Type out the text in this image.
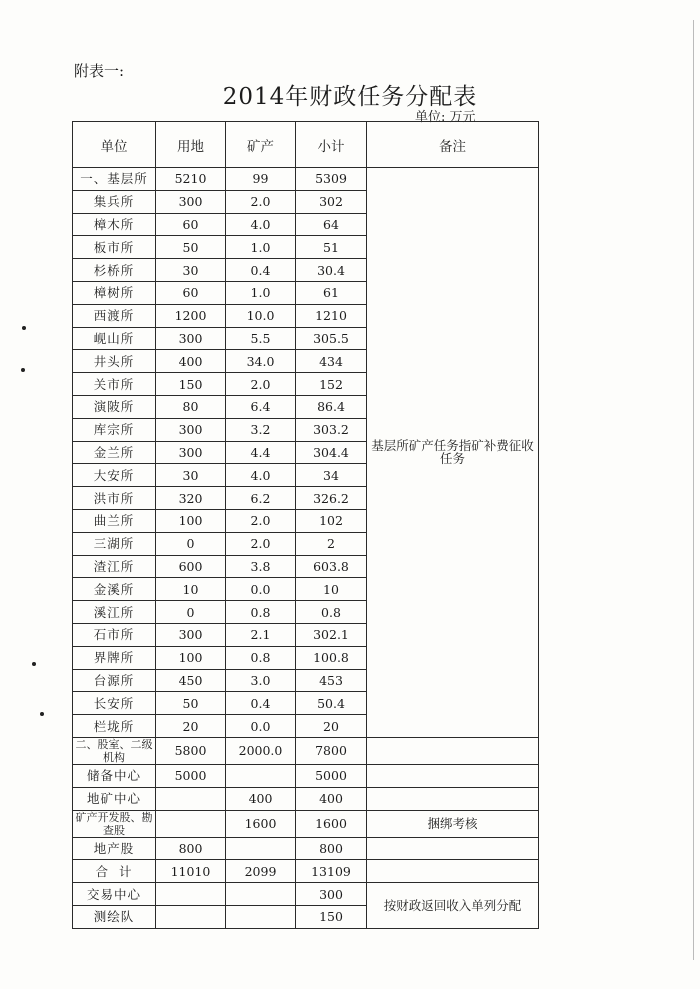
附表一:
2014年财政任务分配表
单位: 万元
单位	用地	矿产	小计	备注
一、基层所	5210	99	5309	基层所矿产任务指矿补费征收任务
集兵所	300	2.0	302	
樟木所	60	4.0	64	
板市所	50	1.0	51	
杉桥所	30	0.4	30.4	
樟树所	60	1.0	61	
西渡所	1200	10.0	1210	
岘山所	300	5.5	305.5	
井头所	400	34.0	434	
关市所	150	2.0	152	
演陂所	80	6.4	86.4	
库宗所	300	3.2	303.2	
金兰所	300	4.4	304.4	
大安所	30	4.0	34	
洪市所	320	6.2	326.2	
曲兰所	100	2.0	102	
三湖所	0	2.0	2	
渣江所	600	3.8	603.8	
金溪所	10	0.0	10	
溪江所	0	0.8	0.8	
石市所	300	2.1	302.1	
界牌所	100	0.8	100.8	
台源所	450	3.0	453	
长安所	50	0.4	50.4	
栏垅所	20	0.0	20	
二、股室、二级机构	5800	2000.0	7800	
储备中心	5000		5000	
地矿中心		400	400	
矿产开发股、勘查股		1600	1600	捆绑考核
地产股	800		800	
合  计	11010	2099	13109	
交易中心			300	按财政返回收入单列分配
测绘队			150	
